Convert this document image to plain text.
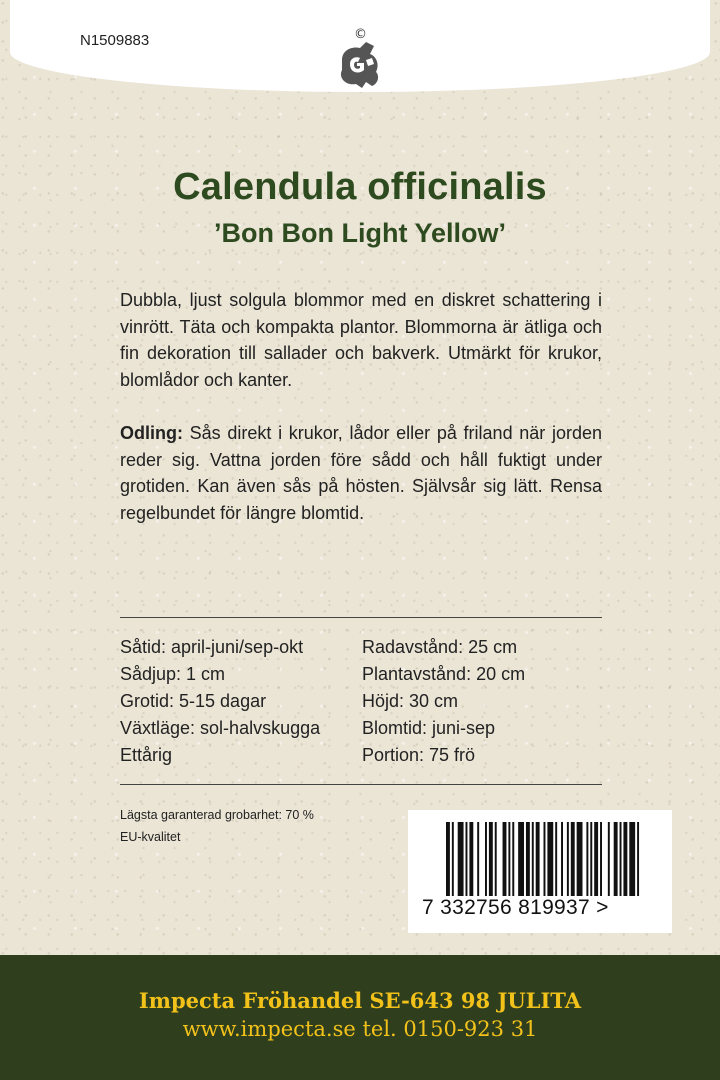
N1509883	©
Calendula officinalis
’Bon Bon Light Yellow’
Dubbla, ljust solgula blommor med en diskret schattering i vinrött. Täta och kompakta plantor. Blommorna är ätliga och fin dekoration till sallader och bakverk. Utmärkt för krukor, blomlådor och kanter.
Odling: Sås direkt i krukor, lådor eller på friland när jorden reder sig. Vattna jorden före sådd och håll fuktigt under grotiden. Kan även sås på hösten. Självsår sig lätt. Rensa regelbundet för längre blomtid.
Såtid: april-juni/sep-okt
Sådjup: 1 cm
Grotid: 5-15 dagar
Växtläge: sol-halvskugga
Ettårig
Radavstånd: 25 cm
Plantavstånd: 20 cm
Höjd: 30 cm
Blomtid: juni-sep
Portion: 75 frö
Lägsta garanterad grobarhet: 70 %
EU-kvalitet
7 332756 819937 >
Impecta Fröhandel SE-643 98 JULITA
www.impecta.se tel. 0150-923 31
